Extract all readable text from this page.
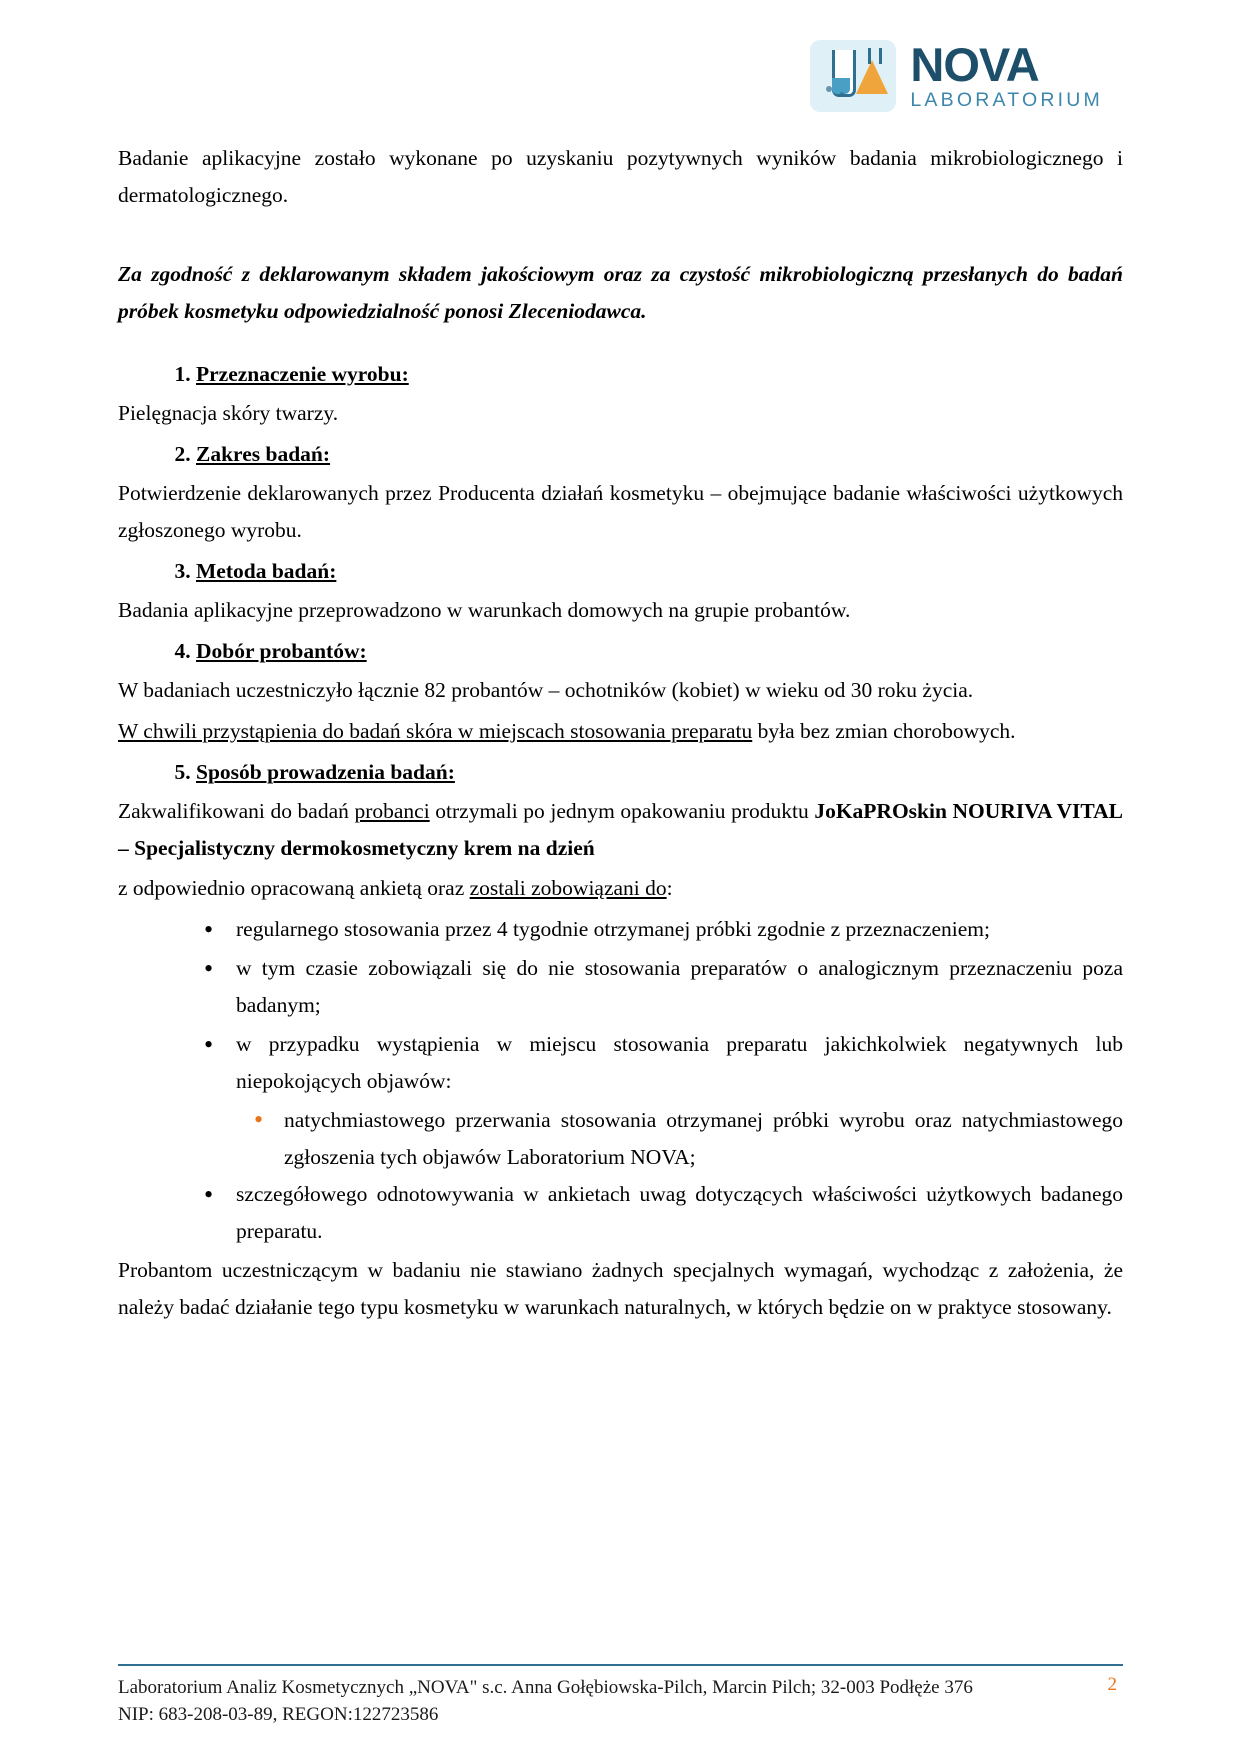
NOVA
LABORATORIUM

Badanie aplikacyjne zostało wykonane po uzyskaniu pozytywnych wyników badania mikrobiologicznego i dermatologicznego.

Za zgodność z deklarowanym składem jakościowym oraz za czystość mikrobiologiczną przesłanych do badań próbek kosmetyku odpowiedzialność ponosi Zleceniodawca.

1. Przeznaczenie wyrobu:

Pielęgnacja skóry twarzy.

2. Zakres badań:

Potwierdzenie deklarowanych przez Producenta działań kosmetyku – obejmujące badanie właściwości użytkowych zgłoszonego wyrobu.

3. Metoda badań:

Badania aplikacyjne przeprowadzono w warunkach domowych na grupie probantów.

4. Dobór probantów:

W badaniach uczestniczyło łącznie 82 probantów – ochotników (kobiet) w wieku od 30 roku życia.

W chwili przystąpienia do badań skóra w miejscach stosowania preparatu była bez zmian chorobowych.

5. Sposób prowadzenia badań:

Zakwalifikowani do badań probanci otrzymali po jednym opakowaniu produktu JoKaPROskin NOURIVA VITAL – Specjalistyczny dermokosmetyczny krem na dzień

z odpowiednio opracowaną ankietą oraz zostali zobowiązani do:

• regularnego stosowania przez 4 tygodnie otrzymanej próbki zgodnie z przeznaczeniem;
• w tym czasie zobowiązali się do nie stosowania preparatów o analogicznym przeznaczeniu poza badanym;
• w przypadku wystąpienia w miejscu stosowania preparatu jakichkolwiek negatywnych lub niepokojących objawów:
• natychmiastowego przerwania stosowania otrzymanej próbki wyrobu oraz natychmiastowego zgłoszenia tych objawów Laboratorium NOVA;
• szczegółowego odnotowywania w ankietach uwag dotyczących właściwości użytkowych badanego preparatu.

Probantom uczestniczącym w badaniu nie stawiano żadnych specjalnych wymagań, wychodząc z założenia, że należy badać działanie tego typu kosmetyku w warunkach naturalnych, w których będzie on w praktyce stosowany.

Laboratorium Analiz Kosmetycznych „NOVA" s.c. Anna Gołębiowska-Pilch, Marcin Pilch; 32-003 Podłęże 376
NIP: 683-208-03-89, REGON:122723586
2
